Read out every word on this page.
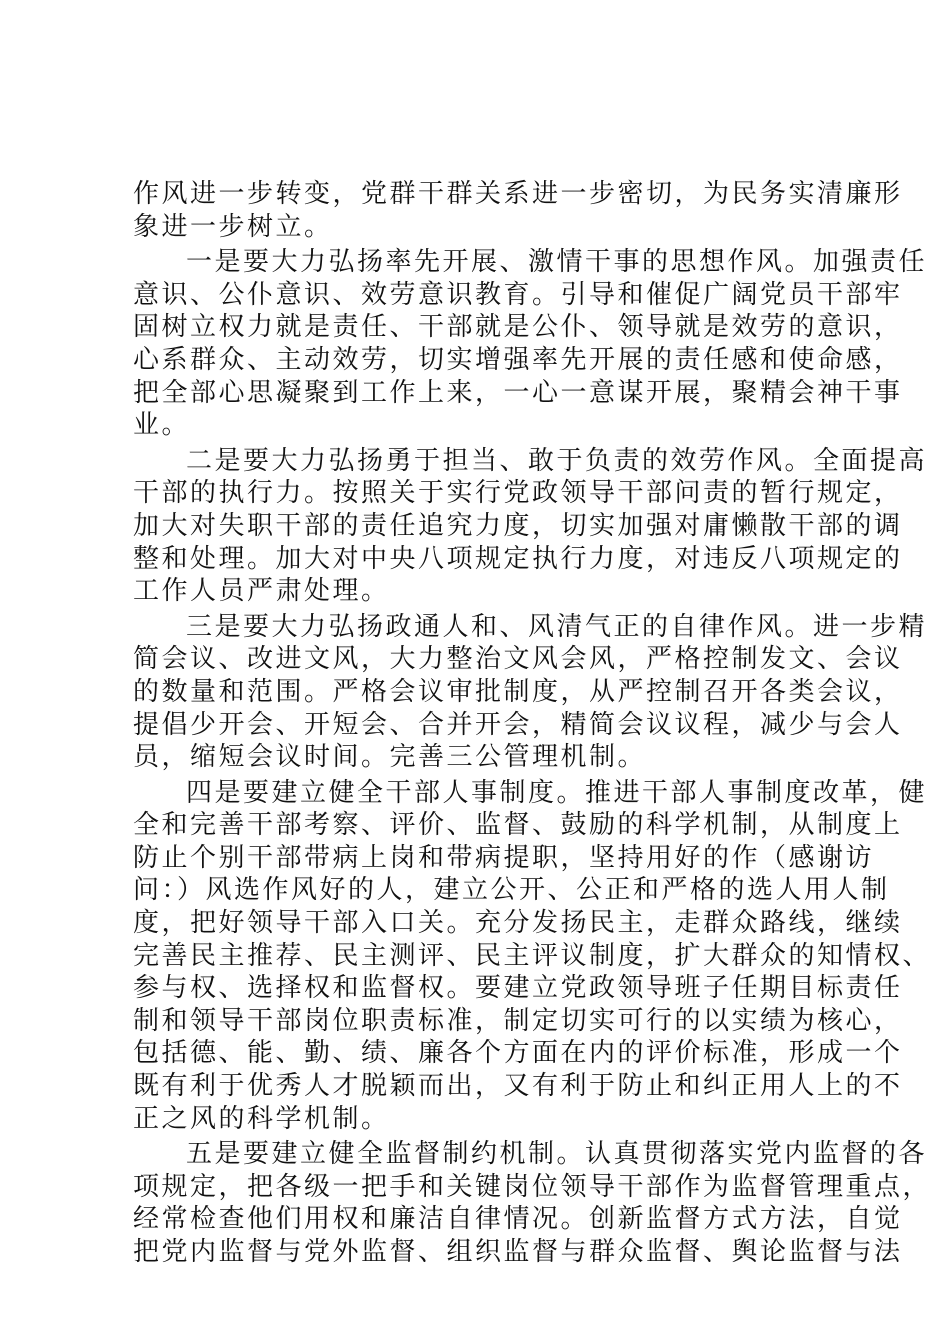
作风进一步转变，党群干群关系进一步密切，为民务实清廉形
象进一步树立。
一是要大力弘扬率先开展、激情干事的思想作风。加强责任
意识、公仆意识、效劳意识教育。引导和催促广阔党员干部牢
固树立权力就是责任、干部就是公仆、领导就是效劳的意识，
心系群众、主动效劳，切实增强率先开展的责任感和使命感，
把全部心思凝聚到工作上来，一心一意谋开展，聚精会神干事
业。
二是要大力弘扬勇于担当、敢于负责的效劳作风。全面提高
干部的执行力。按照关于实行党政领导干部问责的暂行规定，
加大对失职干部的责任追究力度，切实加强对庸懒散干部的调
整和处理。加大对中央八项规定执行力度，对违反八项规定的
工作人员严肃处理。
三是要大力弘扬政通人和、风清气正的自律作风。进一步精
简会议、改进文风，大力整治文风会风，严格控制发文、会议
的数量和范围。严格会议审批制度，从严控制召开各类会议，
提倡少开会、开短会、合并开会，精简会议议程，减少与会人
员，缩短会议时间。完善三公管理机制。
四是要建立健全干部人事制度。推进干部人事制度改革，健
全和完善干部考察、评价、监督、鼓励的科学机制，从制度上
防止个别干部带病上岗和带病提职，坚持用好的作（感谢访
问：）风选作风好的人，建立公开、公正和严格的选人用人制
度，把好领导干部入口关。充分发扬民主，走群众路线，继续
完善民主推荐、民主测评、民主评议制度，扩大群众的知情权、
参与权、选择权和监督权。要建立党政领导班子任期目标责任
制和领导干部岗位职责标准，制定切实可行的以实绩为核心，
包括德、能、勤、绩、廉各个方面在内的评价标准，形成一个
既有利于优秀人才脱颖而出，又有利于防止和纠正用人上的不
正之风的科学机制。
五是要建立健全监督制约机制。认真贯彻落实党内监督的各
项规定，把各级一把手和关键岗位领导干部作为监督管理重点，
经常检查他们用权和廉洁自律情况。创新监督方式方法，自觉
把党内监督与党外监督、组织监督与群众监督、舆论监督与法
